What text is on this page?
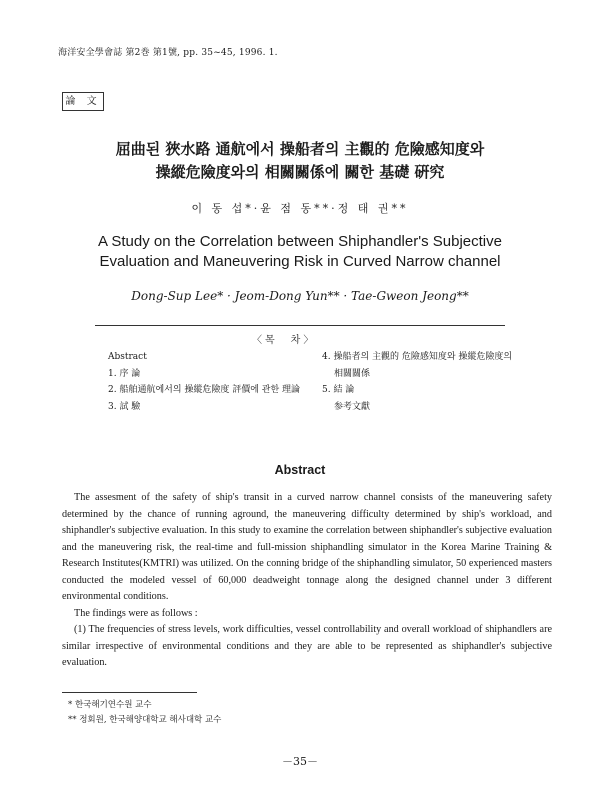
海洋安全學會誌 第2巻 第1號, pp. 35~45, 1996. 1.
論 文
屈曲된 狹水路 通航에서 操船者의 主觀的 危險感知度와
操縱危險度와의 相關關係에 關한 基礎 硏究
이 동 섭*·윤 점 동**·정 태 권**
A Study on the Correlation between Shiphandler's Subjective
Evaluation and Maneuvering Risk in Curved Narrow channel
Dong-Sup Lee* · Jeom-Dong Yun** · Tae-Gweon Jeong**
〈목　차〉
Abstract
1. 序 論
2. 船舶通航에서의 操縱危險度 評價에 관한 理論
3. 試 驗
4. 操船者의 主觀的 危險感知度와 操縱危險度의
相關關係
5. 結 論
参考文獻
Abstract

The assesment of the safety of ship's transit in a curved narrow channel consists of the maneuvering safety determined by the chance of running aground, the maneuvering difficulty determined by ship's workload, and shiphandler's subjective evaluation. In this study to examine the correlation between shiphandler's subjective evaluation and the maneuvering risk, the real-time and full-mission shiphandling simulator in the Korea Marine Training & Research Institutes(KMTRI) was utilized. On the conning bridge of the shiphandling simulator, 50 experienced masters conducted the modeled vessel of 60,000 deadweight tonnage along the designed channel under 3 different environmental conditions.

The findings were as follows :

(1) The frequencies of stress levels, work difficulties, vessel controllability and overall workload of shiphandlers are similar irrespective of environmental conditions and they are able to be represented as shiphandler's subjective evaluation.

* 한국해기연수원 교수
** 정회원, 한국해양대학교 해사대학 교수
－35－
